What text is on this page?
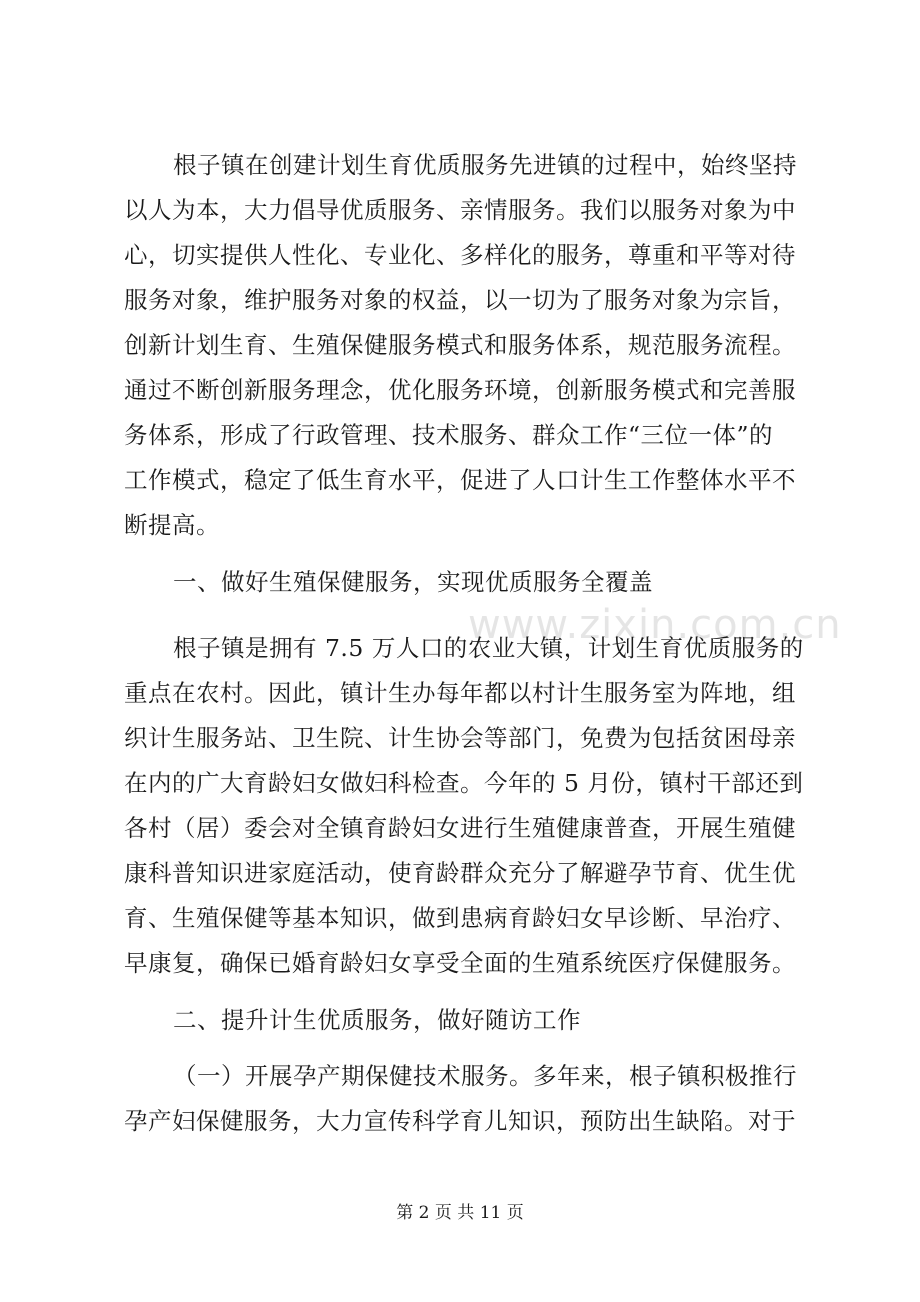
www.zixin.com.cn

根子镇在创建计划生育优质服务先进镇的过程中，始终坚持

以人为本，大力倡导优质服务、亲情服务。我们以服务对象为中

心，切实提供人性化、专业化、多样化的服务，尊重和平等对待

服务对象，维护服务对象的权益，以一切为了服务对象为宗旨，

创新计划生育、生殖保健服务模式和服务体系，规范服务流程。

通过不断创新服务理念，优化服务环境，创新服务模式和完善服

务体系，形成了行政管理、技术服务、群众工作“三位一体”的

工作模式，稳定了低生育水平，促进了人口计生工作整体水平不

断提高。

一、做好生殖保健服务，实现优质服务全覆盖

根子镇是拥有 7.5 万人口的农业大镇，计划生育优质服务的

重点在农村。因此，镇计生办每年都以村计生服务室为阵地，组

织计生服务站、卫生院、计生协会等部门，免费为包括贫困母亲

在内的广大育龄妇女做妇科检查。今年的 5 月份，镇村干部还到

各村（居）委会对全镇育龄妇女进行生殖健康普查，开展生殖健

康科普知识进家庭活动，使育龄群众充分了解避孕节育、优生优

育、生殖保健等基本知识，做到患病育龄妇女早诊断、早治疗、

早康复，确保已婚育龄妇女享受全面的生殖系统医疗保健服务。

二、提升计生优质服务，做好随访工作

（一）开展孕产期保健技术服务。多年来，根子镇积极推行

孕产妇保健服务，大力宣传科学育儿知识，预防出生缺陷。对于

第 2 页 共 11 页
